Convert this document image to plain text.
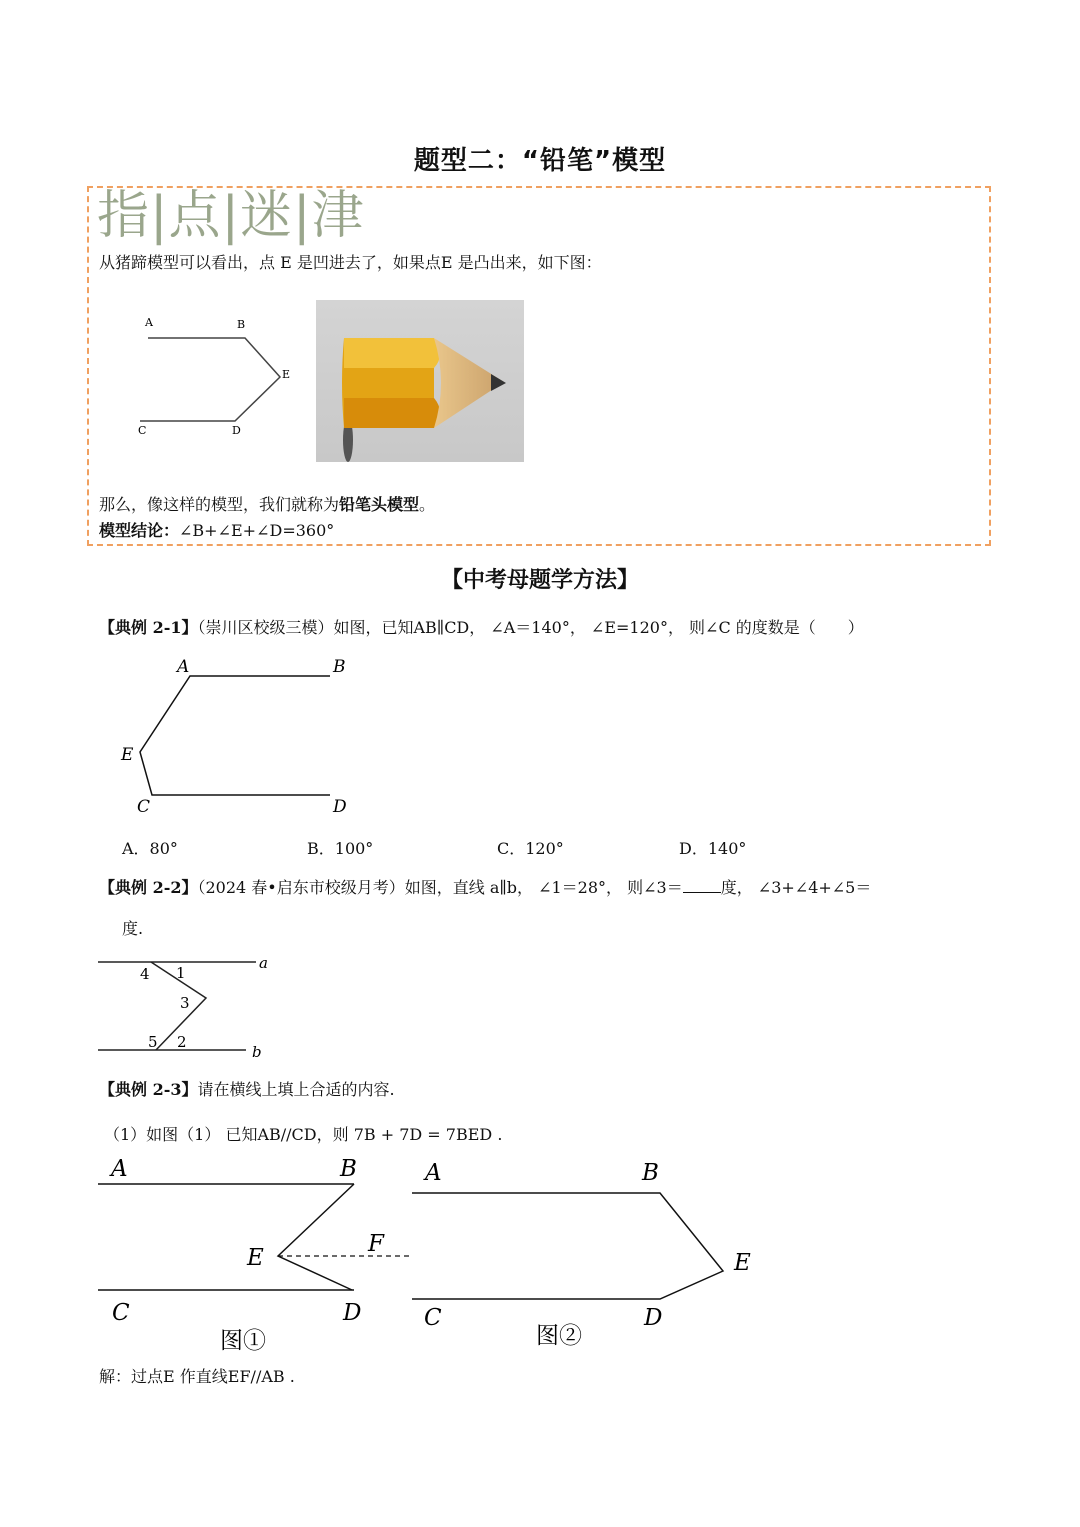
题型二：“铅笔”模型
指|点|迷|津
从猪蹄模型可以看出，点 E 是凹进去了，如果点E 是凸出来，如下图：
A	B
E
C	D
那么，像这样的模型，我们就称为铅笔头模型。
模型结论：∠B+∠E+∠D=360°
【中考母题学方法】
【典例 2-1】（崇川区校级三模）如图，已知AB∥CD， ∠A＝140°， ∠E=120°， 则∠C 的度数是（　　）
A	B
E
C	D
A．80°	B．100°	C．120°	D．140°
【典例 2-2】（2024 春•启东市校级月考）如图，直线 a∥b， ∠1＝28°， 则∠3＝ 度， ∠3+∠4+∠5＝
度.
a
b
4 1
3
5 2
【典例 2-3】请在横线上填上合适的内容.
（1）如图（1） 已知AB//CD，则 7B + 7D = 7BED .
A	B
E
F
C	D
图①
A	B
E
C	D
图②
解：过点E 作直线EF//AB .
